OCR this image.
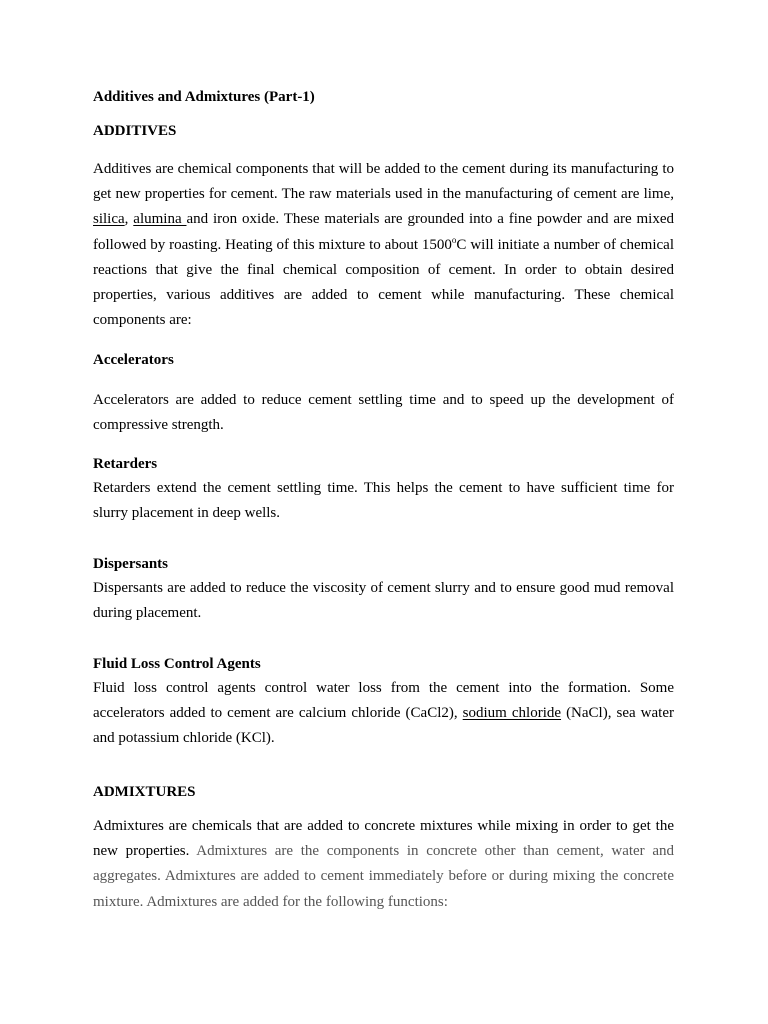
Additives and Admixtures (Part-1)
ADDITIVES

Additives are chemical components that will be added to the cement during its manufacturing to get new properties for cement. The raw materials used in the manufacturing of cement are lime, silica, alumina and iron oxide. These materials are grounded into a fine powder and are mixed followed by roasting. Heating of this mixture to about 1500$^o$C will initiate a number of chemical reactions that give the final chemical composition of cement. In order to obtain desired properties, various additives are added to cement while manufacturing. These chemical components are:

Accelerators

Accelerators are added to reduce cement settling time and to speed up the development of compressive strength.

Retarders

Retarders extend the cement settling time. This helps the cement to have sufficient time for slurry placement in deep wells.

Dispersants

Dispersants are added to reduce the viscosity of cement slurry and to ensure good mud removal during placement.

Fluid Loss Control Agents

Fluid loss control agents control water loss from the cement into the formation. Some accelerators added to cement are calcium chloride (CaCl2), sodium chloride (NaCl), sea water and potassium chloride (KCl).

ADMIXTURES

Admixtures are chemicals that are added to concrete mixtures while mixing in order to get the new properties. Admixtures are the components in concrete other than cement, water and aggregates. Admixtures are added to cement immediately before or during mixing the concrete mixture. Admixtures are added for the following functions:
